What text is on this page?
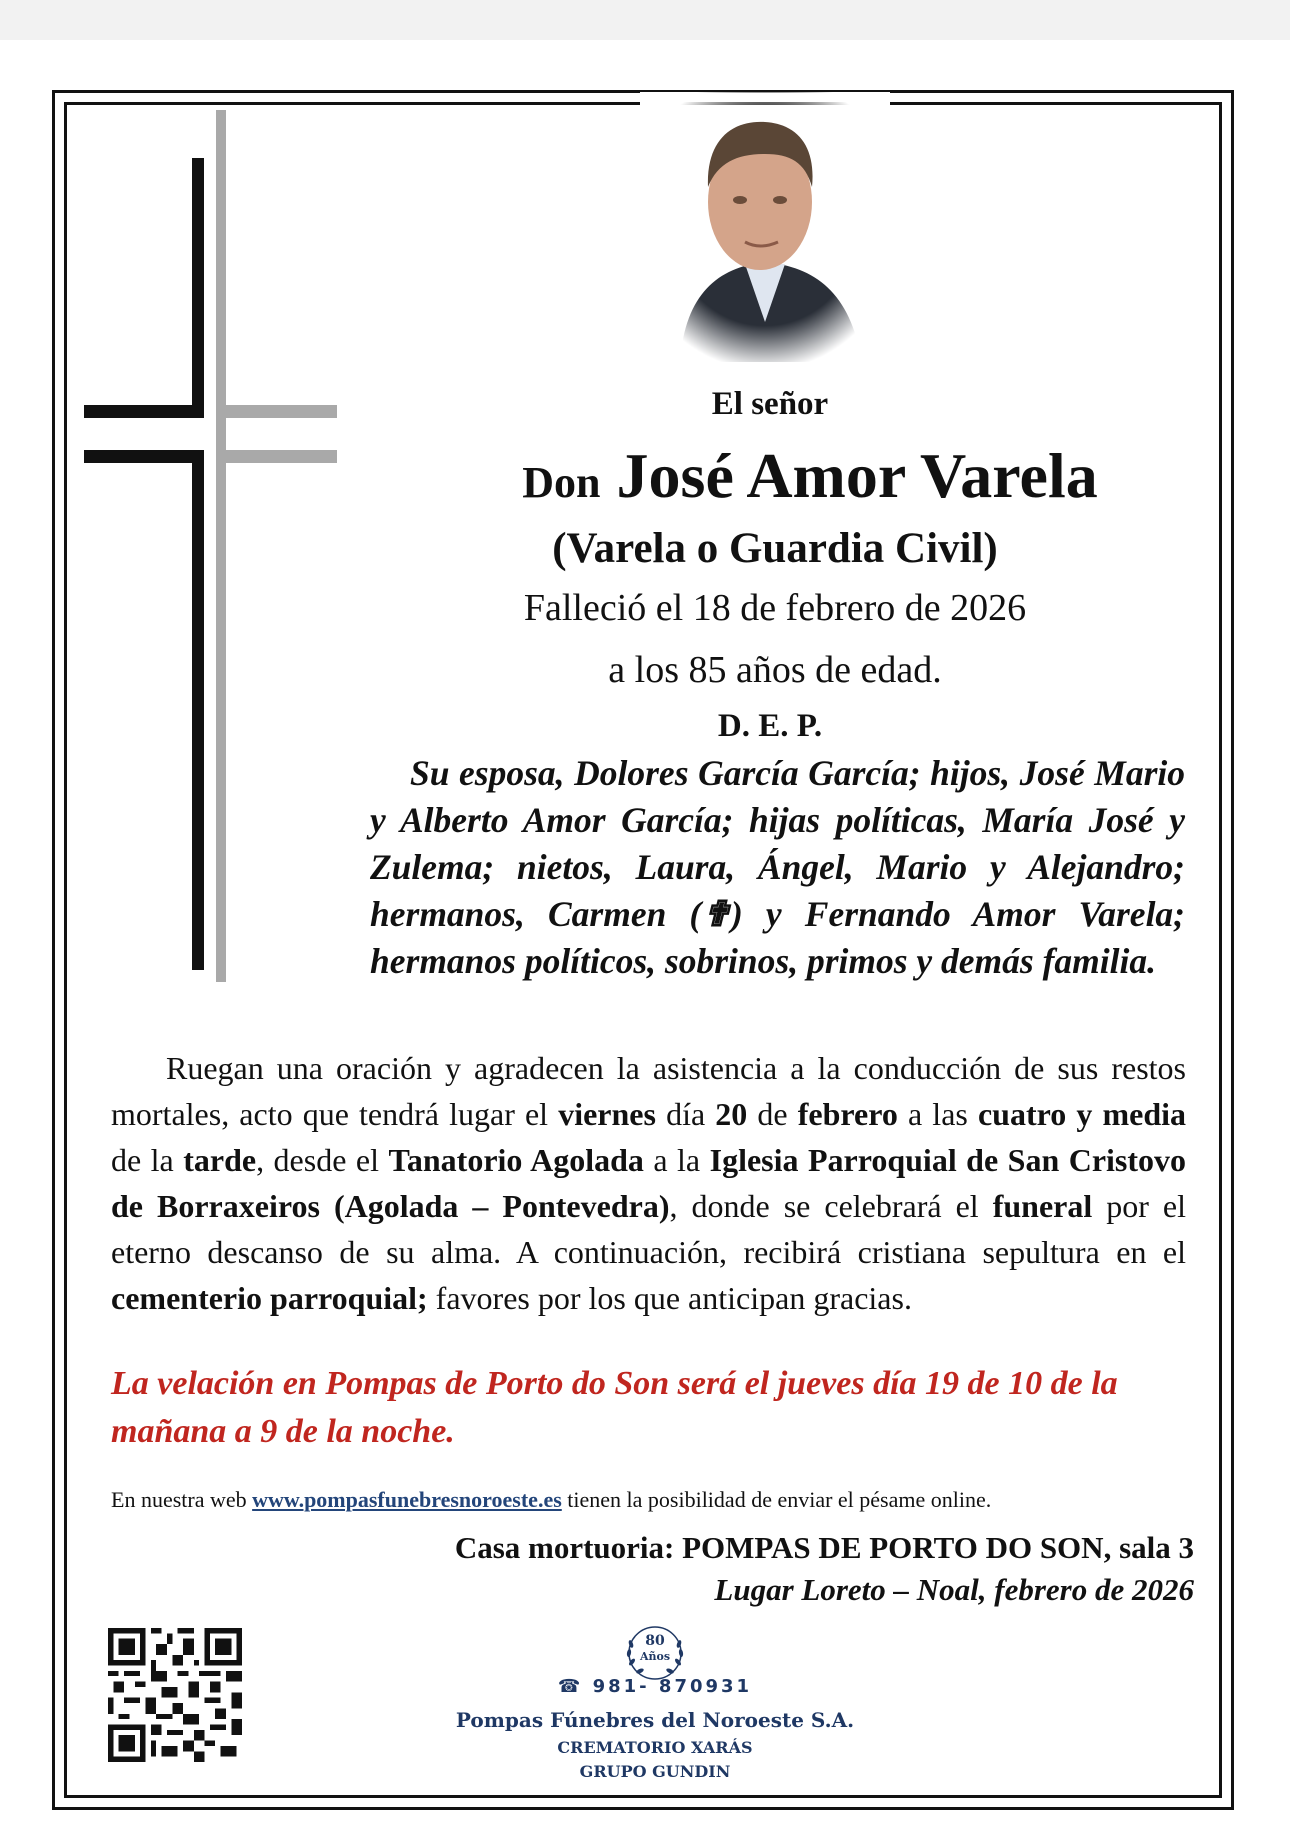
El señor
Don José Amor Varela
(Varela o Guardia Civil)
Falleció el 18 de febrero de 2026
a los 85 años de edad.
D. E. P.
Su esposa, Dolores García García; hijos, José Mario y Alberto Amor García; hijas políticas, María José y Zulema; nietos, Laura, Ángel, Mario y Alejandro; hermanos, Carmen (✟) y Fernando Amor Varela; hermanos políticos, sobrinos, primos y demás familia.
Ruegan una oración y agradecen la asistencia a la conducción de sus restos mortales, acto que tendrá lugar el viernes día 20 de febrero a las cuatro y media de la tarde, desde el Tanatorio Agolada a la Iglesia Parroquial de San Cristovo de Borraxeiros (Agolada – Pontevedra), donde se celebrará el funeral por el eterno descanso de su alma. A continuación, recibirá cristiana sepultura en el cementerio parroquial; favores por los que anticipan gracias.
La velación en Pompas de Porto do Son será el jueves día 19 de 10 de la mañana a 9 de la noche.
En nuestra web www.pompasfunebresnoroeste.es tienen la posibilidad de enviar el pésame online.
Casa mortuoria: POMPAS DE PORTO DO SON, sala 3
Lugar Loreto – Noal, febrero de 2026
80
Años
☎ 981- 870931
Pompas Fúnebres del Noroeste S.A.
CREMATORIO XARÁS
GRUPO GUNDIN
